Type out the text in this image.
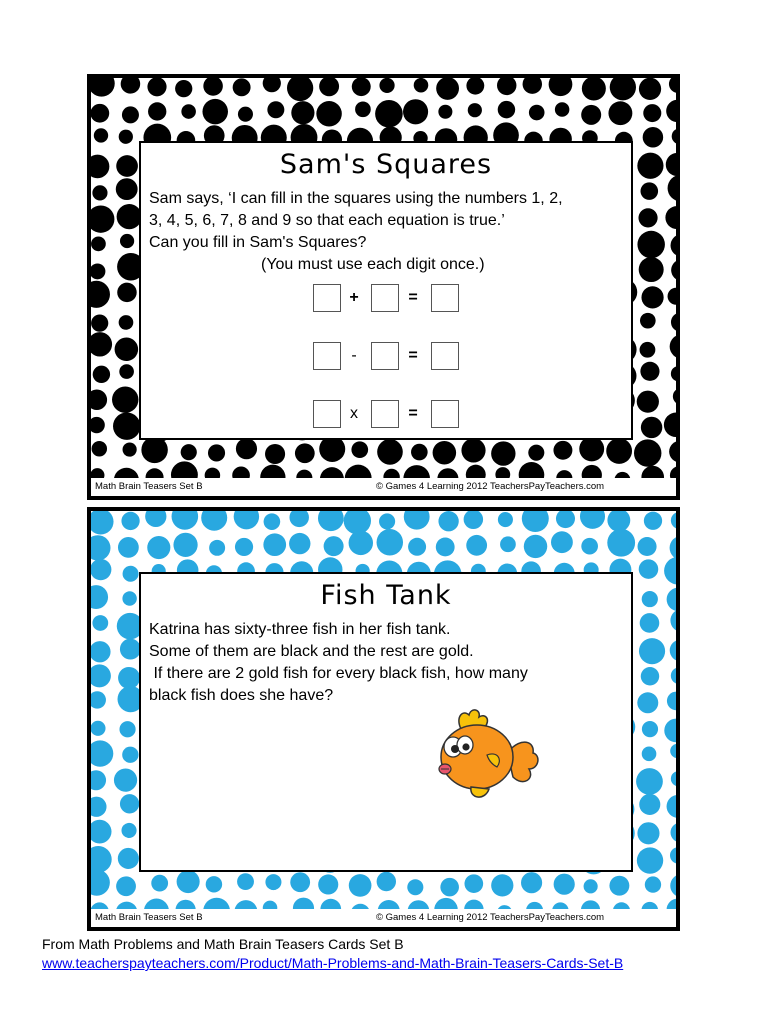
Sam's Squares
Sam says, ‘I can fill in the squares using the numbers 1, 2,
3, 4, 5, 6, 7, 8 and 9 so that each equation is true.’
Can you fill in Sam's Squares?
(You must use each digit once.)
+	=
-	=
x	=
Math Brain Teasers Set B	© Games 4 Learning 2012 TeachersPayTeachers.com
Fish Tank
Katrina has sixty-three fish in her fish tank.
Some of them are black and the rest are gold.
If there are 2 gold fish for every black fish, how many
black fish does she have?
Math Brain Teasers Set B	© Games 4 Learning 2012 TeachersPayTeachers.com
From Math Problems and Math Brain Teasers Cards Set B
www.teacherspayteachers.com/Product/Math-Problems-and-Math-Brain-Teasers-Cards-Set-B
